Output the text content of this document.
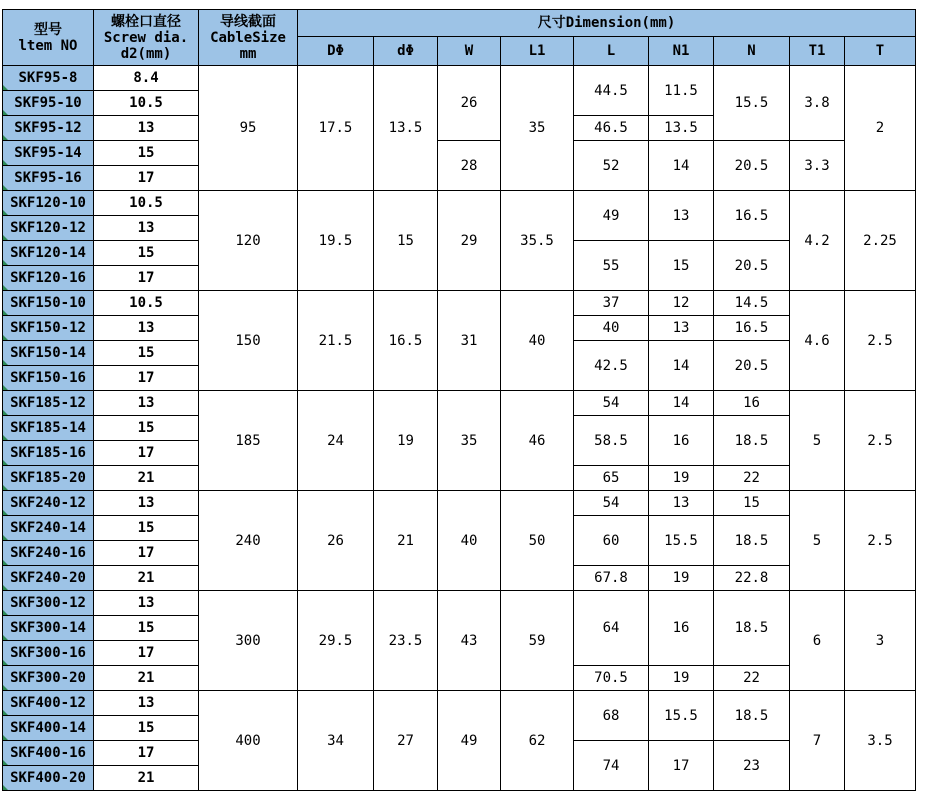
型号
ltem NO	螺栓口直径
Screw dia.
d2(mm)	导线截面
CableSize
mm	尺寸Dimension(mm)								
			DΦ	dΦ	W	L1	L	N1	N	T1	T
SKF95-8	8.4	95	17.5	13.5	26	35	44.5	11.5	15.5	3.8	2
SKF95-10	10.5										
SKF95-12	13						46.5	13.5			
SKF95-14	15				28		52	14	20.5	3.3	
SKF95-16	17										
SKF120-10	10.5	120	19.5	15	29	35.5	49	13	16.5	4.2	2.25
SKF120-12	13										
SKF120-14	15						55	15	20.5		
SKF120-16	17										
SKF150-10	10.5	150	21.5	16.5	31	40	37	12	14.5	4.6	2.5
SKF150-12	13						40	13	16.5		
SKF150-14	15						42.5	14	20.5		
SKF150-16	17										
SKF185-12	13	185	24	19	35	46	54	14	16	5	2.5
SKF185-14	15						58.5	16	18.5		
SKF185-16	17										
SKF185-20	21						65	19	22		
SKF240-12	13	240	26	21	40	50	54	13	15	5	2.5
SKF240-14	15						60	15.5	18.5		
SKF240-16	17										
SKF240-20	21						67.8	19	22.8		
SKF300-12	13	300	29.5	23.5	43	59	64	16	18.5	6	3
SKF300-14	15										
SKF300-16	17										
SKF300-20	21						70.5	19	22		
SKF400-12	13	400	34	27	49	62	68	15.5	18.5	7	3.5
SKF400-14	15										
SKF400-16	17						74	17	23		
SKF400-20	21										
